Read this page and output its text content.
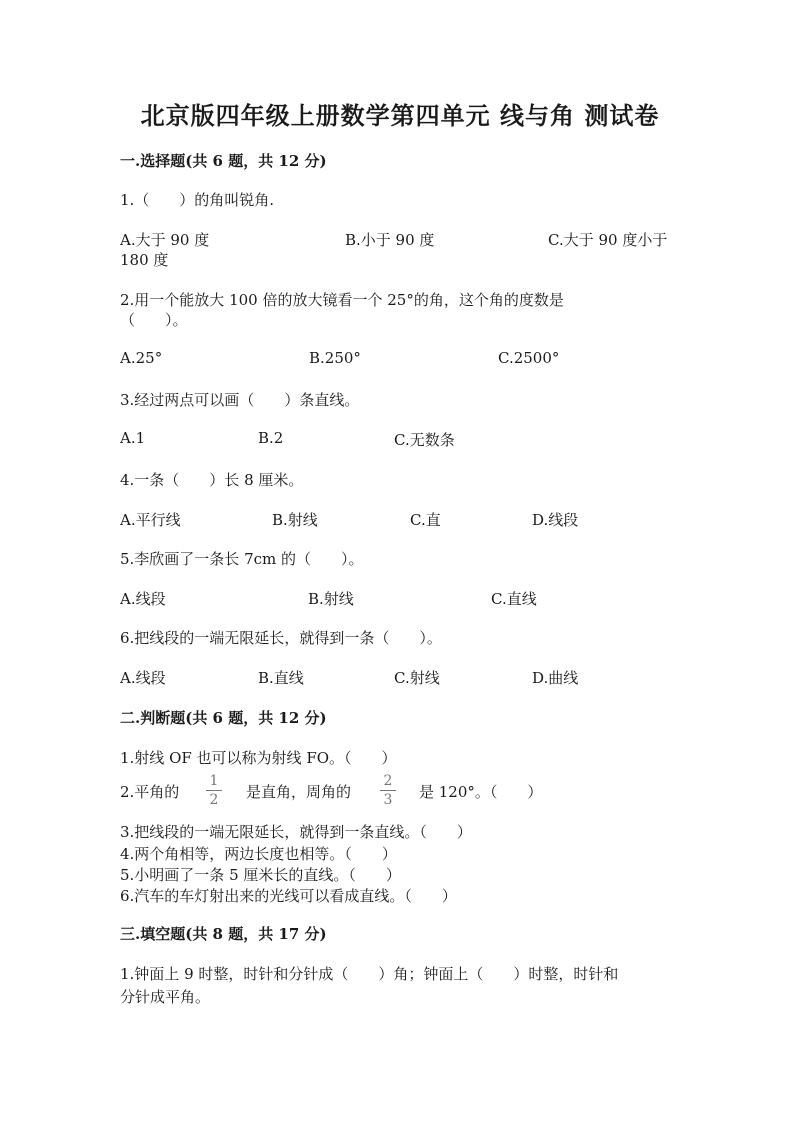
北京版四年级上册数学第四单元 线与角 测试卷
一.选择题(共 6 题，共 12 分)
1.（　　）的角叫锐角.
A.大于 90 度	B.小于 90 度	C.大于 90 度小于
180 度
2.用一个能放大 100 倍的放大镜看一个 25°的角，这个角的度数是
（　　）。
A.25°	B.250°	C.2500°
3.经过两点可以画（　　）条直线。
A.1	B.2	C.无数条
4.一条（　　）长 8 厘米。
A.平行线	B.射线	C.直	D.线段
5.李欣画了一条长 7cm 的（　　）。
A.线段	B.射线	C.直线
6.把线段的一端无限延长，就得到一条（　　）。
A.线段	B.直线	C.射线	D.曲线
二.判断题(共 6 题，共 12 分)
1.射线 OF 也可以称为射线 FO。（　　）
2.平角的
1
2 是直角，周角的
2
3 是 120°。（　　）
3.把线段的一端无限延长，就得到一条直线。（　　）
4.两个角相等，两边长度也相等。（　　）
5.小明画了一条 5 厘米长的直线。（　　）
6.汽车的车灯射出来的光线可以看成直线。（　　）
三.填空题(共 8 题，共 17 分)
1.钟面上 9 时整，时针和分针成（　　）角；钟面上（　　）时整，时针和
分针成平角。
